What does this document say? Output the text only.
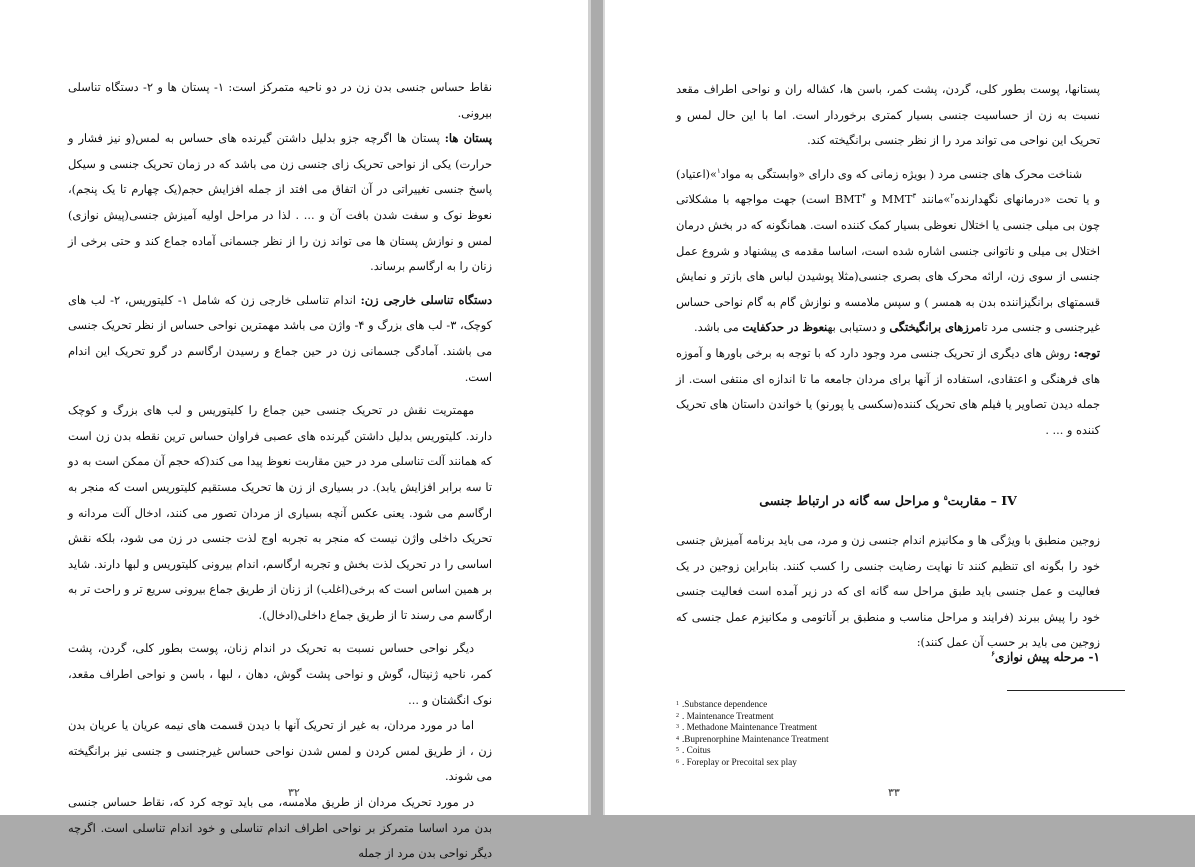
نقاط حساس جنسی بدن زن در دو ناحیه متمرکز است: ۱- پستان ها و ۲- دستگاه تناسلی بیرونی.

پستان ها: پستان ها اگرچه جزو بدلیل داشتن گیرنده های حساس به لمس(و نیز فشار و حرارت) یکی از نواحی تحریک زای جنسی زن می باشد که در زمان تحریک جنسی و سیکل پاسخ جنسی تغییراتی در آن اتفاق می افتد از جمله افزایش حجم(یک چهارم تا یک پنجم)، نعوظ نوک و سفت شدن بافت آن و ... . لذا در مراحل اولیه آمیزش جنسی(پیش نوازی) لمس و نوازش پستان ها می تواند زن را از نظر جسمانی آماده جماع کند و حتی برخی از زنان را به ارگاسم برساند.

دستگاه تناسلی خارجی زن: اندام تناسلی خارجی زن که شامل ۱- کلیتوریس، ۲- لب های کوچک، ۳- لب های بزرگ و ۴- واژن می باشد مهمترین نواحی حساس از نظر تحریک جنسی می باشند. آمادگی جسمانی زن در حین جماع و رسیدن ارگاسم در گرو تحریک این اندام است.

مهمتریت نقش در تحریک جنسی حین جماع را کلیتوریس و لب های بزرگ و کوچک دارند. کلیتوریس بدلیل داشتن گیرنده های عصبی فراوان حساس ترین نقطه بدن زن است که همانند آلت تناسلی مرد در حین مقاربت نعوظ پیدا می کند(که حجم آن ممکن است به دو تا سه برابر افزایش یابد). در بسیاری از زن ها تحریک مستقیم کلیتوریس است که منجر به ارگاسم می شود. یعنی عکس آنچه بسیاری از مردان تصور می کنند، ادخال آلت مردانه و تحریک داخلی واژن نیست که منجر به تجربه اوج لذت جنسی در زن می شود، بلکه نقش اساسی را در تحریک لذت بخش و تجربه ارگاسم، اندام بیرونی کلیتوریس و لبها دارند. شاید بر همین اساس است که برخی(اغلب) از زنان از طریق جماع بیرونی سریع تر و راحت تر به ارگاسم می رسند تا از طریق جماع داخلی(ادخال).

دیگر نواحی حساس نسبت به تحریک در اندام زنان، پوست بطور کلی، گردن، پشت کمر، ناحیه ژنیتال، گوش و نواحی پشت گوش، دهان ، لبها ، باسن و نواحی اطراف مقعد، نوک انگشتان و ...

اما در مورد مردان، به غیر از تحریک آنها با دیدن قسمت های نیمه عریان یا عریان بدن زن ، از طریق لمس کردن و لمس شدن نواحی حساس غیرجنسی و جنسی نیز برانگیخته می شوند.

در مورد تحریک مردان از طریق ملامسه، می باید توجه کرد که، نقاط حساس جنسی بدن مرد اساسا متمرکز بر نواحی اطراف اندام تناسلی و خود اندام تناسلی است. اگرچه دیگر نواحی بدن مرد از جمله

۳۲

پستانها، پوست بطور کلی، گردن، پشت کمر، باسن ها، کشاله ران و نواحی اطراف مقعد نسبت به زن از حساسیت جنسی بسیار کمتری برخوردار است. اما با این حال لمس و تحریک این نواحی می تواند مرد را از نظر جنسی برانگیخته کند.

شناخت محرک های جنسی مرد ( بویژه زمانی که وی دارای «وابستگی به مواد$^۱$»(اعتیاد) و یا تحت «درمانهای نگهدارنده$^۲$»مانند MMT$^۳$ و BMT$^۴$ است) جهت مواجهه با مشکلاتی چون بی میلی جنسی یا اختلال نعوظی بسیار کمک کننده است. همانگونه که در بخش درمان اختلال بی میلی و ناتوانی جنسی اشاره شده است، اساسا مقدمه ی پیشنهاد و شروع عمل جنسی از سوی زن، ارائه محرک های بصری جنسی(مثلا پوشیدن لباس های بازتر و نمایش قسمتهای برانگیزاننده بدن به همسر ) و سپس ملامسه و نوازش گام به گام نواحی حساس غیرجنسی و جنسی مرد تامرزهای برانگیختگی و دستیابی بهنعوظ در حدکفایت می باشد.

توجه: روش های دیگری از تحریک جنسی مرد وجود دارد که با توجه به برخی باورها و آموزه های فرهنگی و اعتقادی، استفاده از آنها برای مردان جامعه ما تا اندازه ای منتفی است. از جمله دیدن تصاویر یا فیلم های تحریک کننده(سکسی یا پورنو) یا خواندن داستان های تحریک کننده و ... .

IV – مقاربت$^۵$ و مراحل سه گانه در ارتباط جنسی

زوجین منطبق با ویژگی ها و مکانیزم اندام جنسی زن و مرد، می باید برنامه آمیزش جنسی خود را بگونه ای تنظیم کنند تا نهایت رضایت جنسی را کسب کنند. بنابراین زوجین در یک فعالیت و عمل جنسی باید طبق مراحل سه گانه ای که در زیر آمده است فعالیت جنسی خود را پیش ببرند (فرایند و مراحل مناسب و منطبق بر آناتومی و مکانیزم عمل جنسی که زوجین می باید بر حسب آن عمل کنند):

۱- مرحله پیش نوازی$^۶$
1 .Substance dependence
2 . Maintenance Treatment
3 . Methadone Maintenance Treatment
4 .Buprenorphine Maintenance Treatment
5 . Coitus
6 . Foreplay or Precoital sex play
۳۳
